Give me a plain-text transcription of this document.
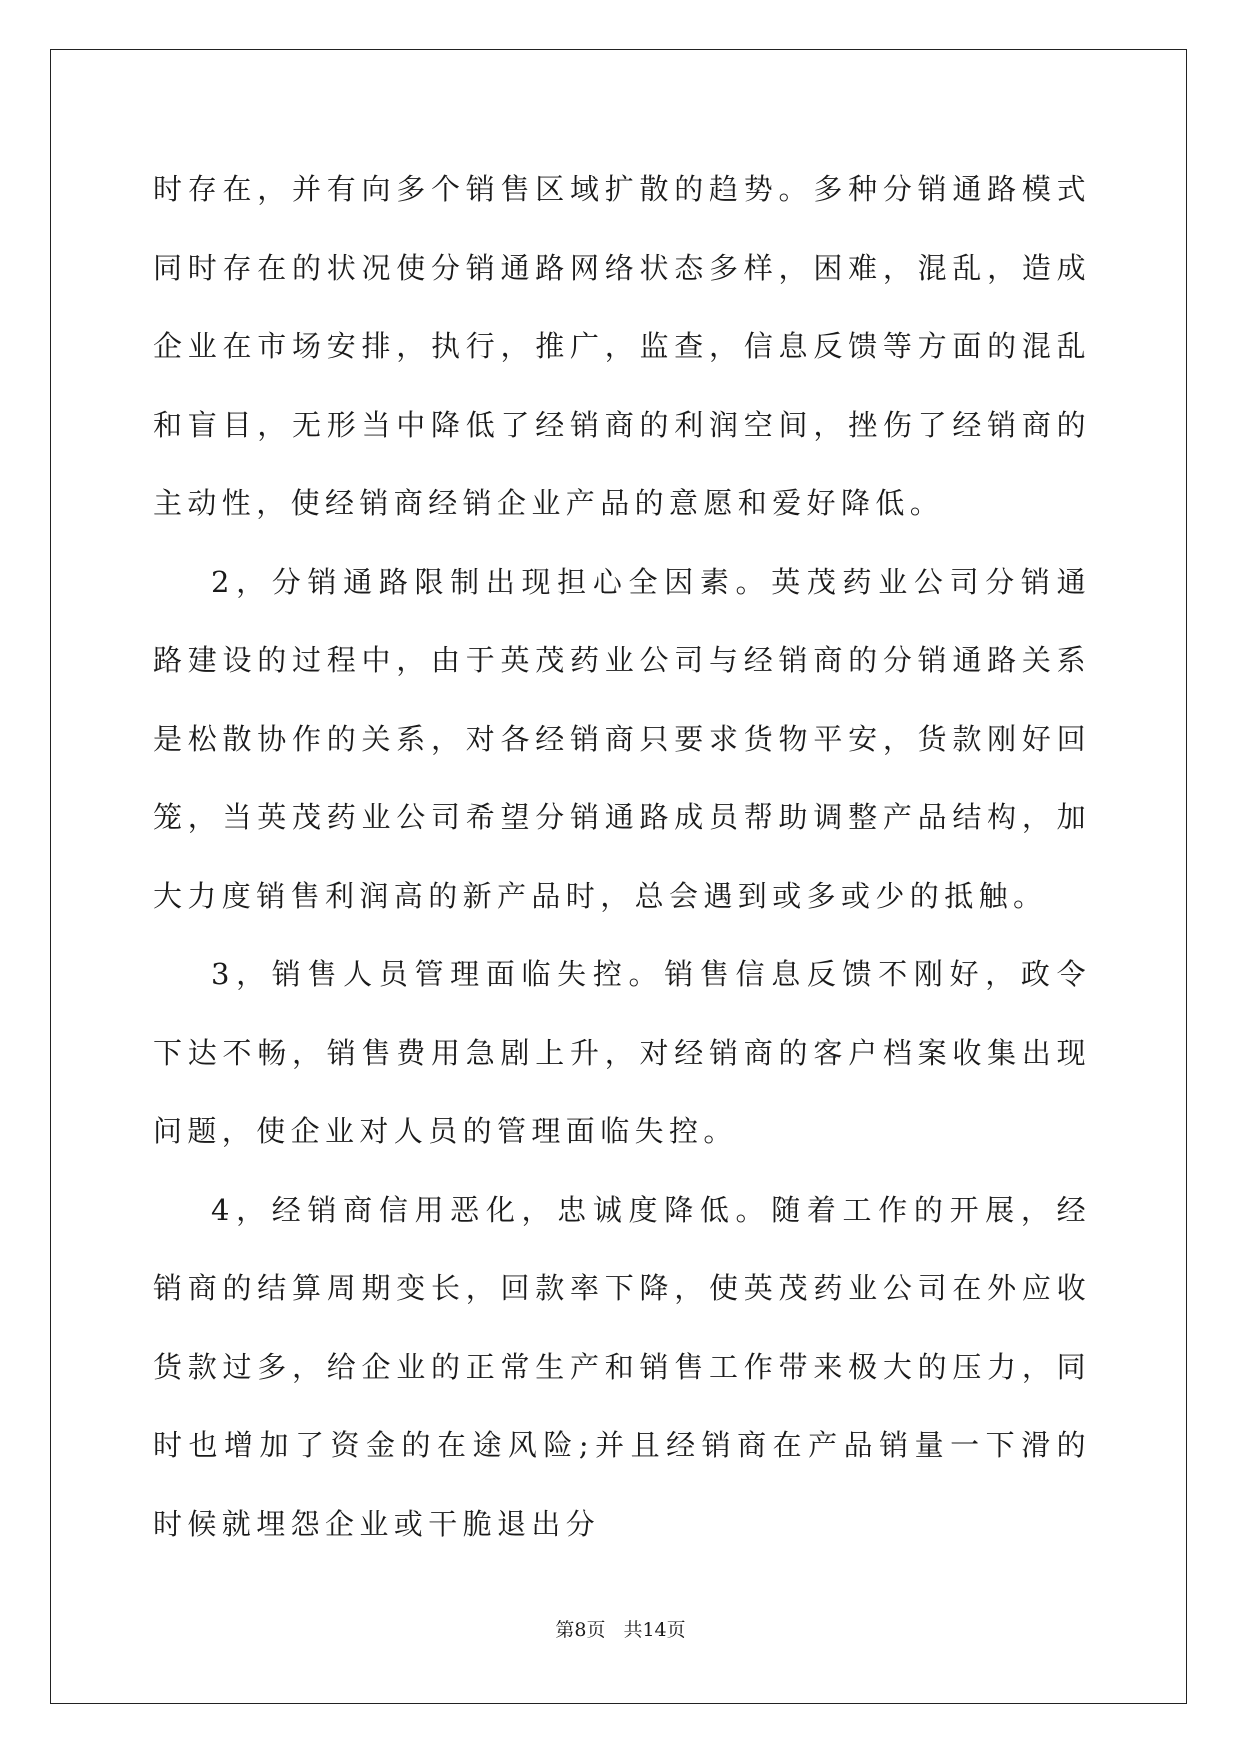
时存在，并有向多个销售区域扩散的趋势。多种分销通路模式同时存在的状况使分销通路网络状态多样，困难，混乱，造成企业在市场安排，执行，推广，监查，信息反馈等方面的混乱和盲目，无形当中降低了经销商的利润空间，挫伤了经销商的主动性，使经销商经销企业产品的意愿和爱好降低。

2，分销通路限制出现担心全因素。英茂药业公司分销通路建设的过程中，由于英茂药业公司与经销商的分销通路关系是松散协作的关系，对各经销商只要求货物平安，货款刚好回笼，当英茂药业公司希望分销通路成员帮助调整产品结构，加大力度销售利润高的新产品时，总会遇到或多或少的抵触。

3，销售人员管理面临失控。销售信息反馈不刚好，政令下达不畅，销售费用急剧上升，对经销商的客户档案收集出现问题，使企业对人员的管理面临失控。

4，经销商信用恶化，忠诚度降低。随着工作的开展，经销商的结算周期变长，回款率下降，使英茂药业公司在外应收货款过多，给企业的正常生产和销售工作带来极大的压力，同时也增加了资金的在途风险;并且经销商在产品销量一下滑的时候就埋怨企业或干脆退出分

第8页 共14页
